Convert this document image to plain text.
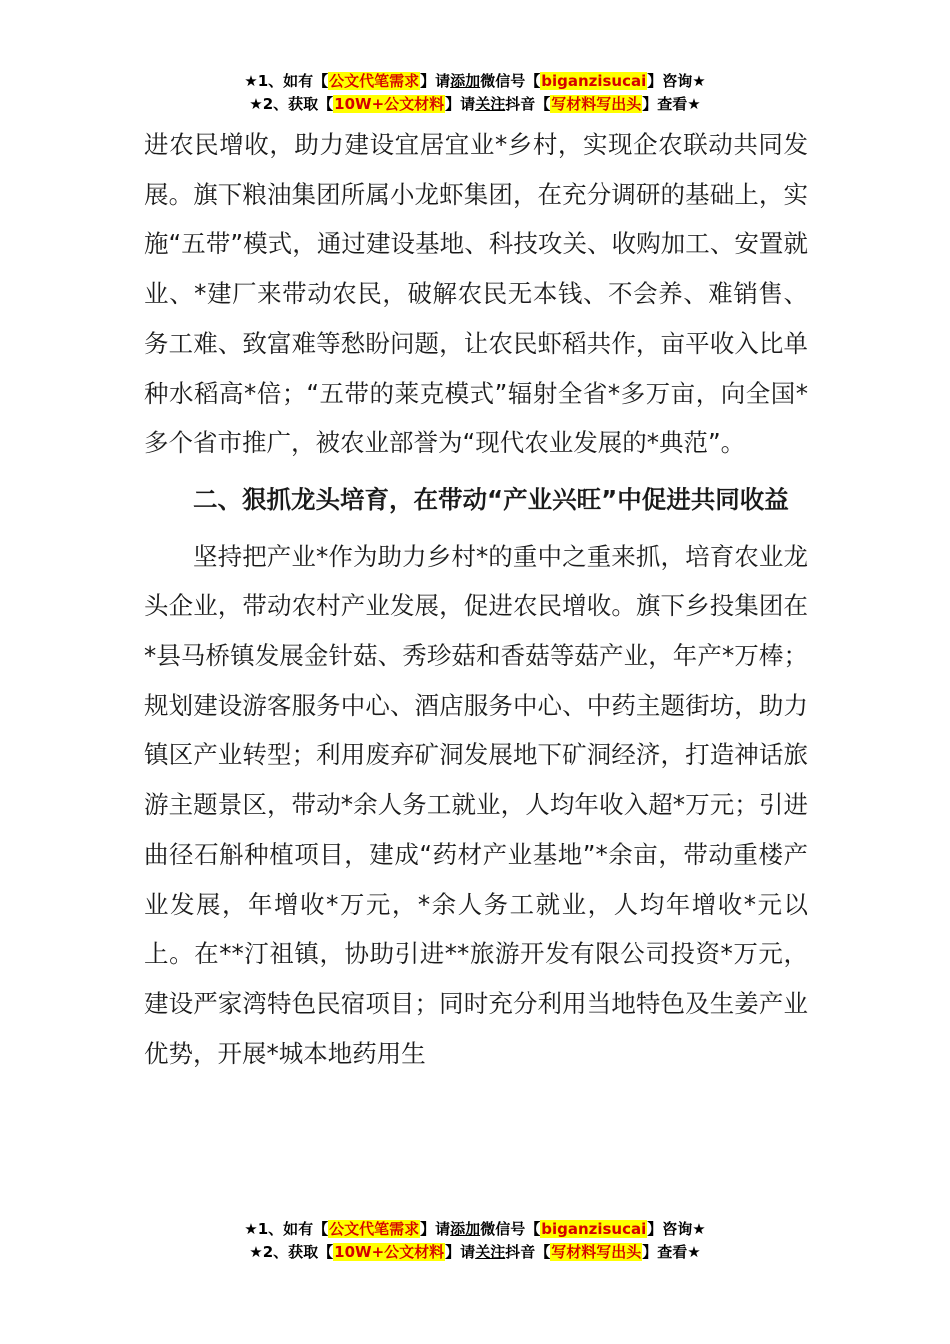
★1、如有【公文代笔需求】请添加微信号【biganzisucai】咨询★
★2、获取【10W+公文材料】请关注抖音【写材料写出头】查看★

进农民增收，助力建设宜居宜业*乡村，实现企农联动共同发展。旗下粮油集团所属小龙虾集团，在充分调研的基础上，实施“五带”模式，通过建设基地、科技攻关、收购加工、安置就业、*建厂来带动农民，破解农民无本钱、不会养、难销售、务工难、致富难等愁盼问题，让农民虾稻共作，亩平收入比单种水稻高*倍；“五带的莱克模式”辐射全省*多万亩，向全国*多个省市推广，被农业部誉为“现代农业发展的*典范”。

二、狠抓龙头培育，在带动“产业兴旺”中促进共同收益

坚持把产业*作为助力乡村*的重中之重来抓，培育农业龙头企业，带动农村产业发展，促进农民增收。旗下乡投集团在*县马桥镇发展金针菇、秀珍菇和香菇等菇产业，年产*万棒；规划建设游客服务中心、酒店服务中心、中药主题街坊，助力镇区产业转型；利用废弃矿洞发展地下矿洞经济，打造神话旅游主题景区，带动*余人务工就业，人均年收入超*万元；引进曲径石斛种植项目，建成“药材产业基地”*余亩，带动重楼产业发展，年增收*万元，*余人务工就业，人均年增收*元以上。在**汀祖镇，协助引进**旅游开发有限公司投资*万元，建设严家湾特色民宿项目；同时充分利用当地特色及生姜产业优势，开展*城本地药用生

★1、如有【公文代笔需求】请添加微信号【biganzisucai】咨询★
★2、获取【10W+公文材料】请关注抖音【写材料写出头】查看★
